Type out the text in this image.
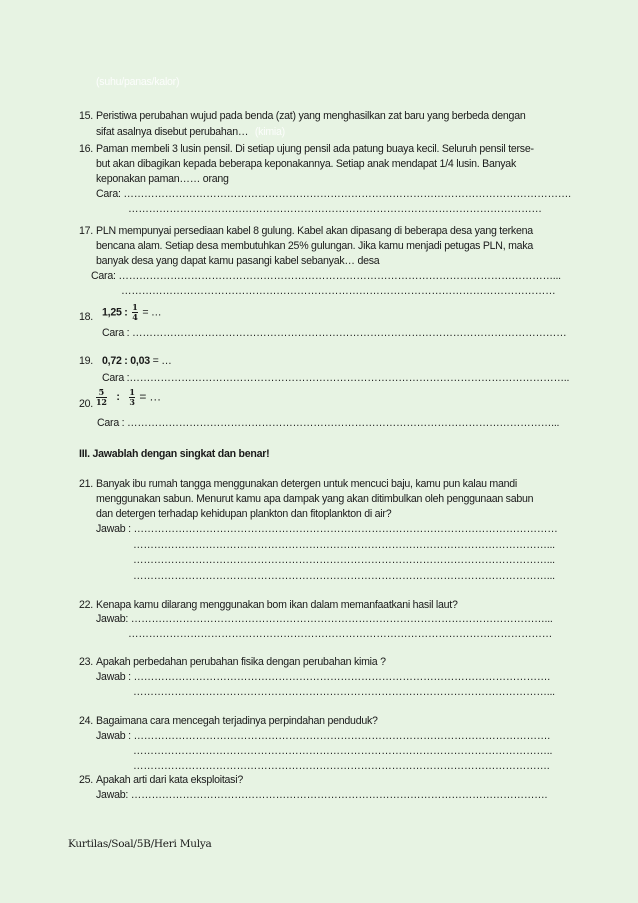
(suhu/panas/kalor)
15. Peristiwa perubahan wujud pada benda (zat) yang menghasilkan zat baru yang berbeda dengan
sifat asalnya disebut perubahan… (kimia)
16. Paman membeli 3 lusin pensil. Di setiap ujung pensil ada patung buaya kecil. Seluruh pensil terse-
but akan dibagikan kepada beberapa keponakannya. Setiap anak mendapat 1/4 lusin. Banyak
keponakan paman…… orang
Cara: ………………………………………………………………………………………………………………….
…………………………………………………………………………………………………………
17. PLN mempunyai persediaan kabel 8 gulung. Kabel akan dipasang di beberapa desa yang terkena
bencana alam. Setiap desa membutuhkan 25% gulungan. Jika kamu menjadi petugas PLN, maka
banyak desa yang dapat kamu pasangi kabel sebanyak… desa
Cara: ………………………………………………………………………………………………………………...
………………………………………………………………………………………………………………
18. 1,25 : $\frac{1}{4}$ = …
Cara : ………………………………………………………………………………………………………………
19. 0,72 : 0,03 = …
Cara :………………………………………………………………………………………………………………..
20. $\frac{5}{12}$ : $\frac{1}{3}$ = …
Cara : ……………………………………………………………………………………………………………...
III. Jawablah dengan singkat dan benar!
21. Banyak ibu rumah tangga menggunakan detergen untuk mencuci baju, kamu pun kalau mandi
menggunakan sabun. Menurut kamu apa dampak yang akan ditimbulkan oleh penggunaan sabun
dan detergen terhadap kehidupan plankton dan fitoplankton di air?
Jawab : ……………………………………………………………………………………………………………
…………………………………………………………………………………………………………...
…………………………………………………………………………………………………………...
…………………………………………………………………………………………………………...
22. Kenapa kamu dilarang menggunakan bom ikan dalam memanfaatkani hasil laut?
Jawab: …………………………………………………………………………………………………………...
……………………………………………………………………………………………………………
23. Apakah perbedahan perubahan fisika dengan perubahan kimia ?
Jawab : ………………………………………………………………………………………………………….
…………………………………………………………………………………………………………...
24. Bagaimana cara mencegah terjadinya perpindahan penduduk?
Jawab : ………………………………………………………………………………………………………….
…………………………………………………………………………………………………………..
………………………………………………………………………………………………………….
25. Apakah arti dari kata eksploitasi?
Jawab: ………………………………………………………………………………………………………….
Kurtilas/Soal/5B/Heri Mulya
